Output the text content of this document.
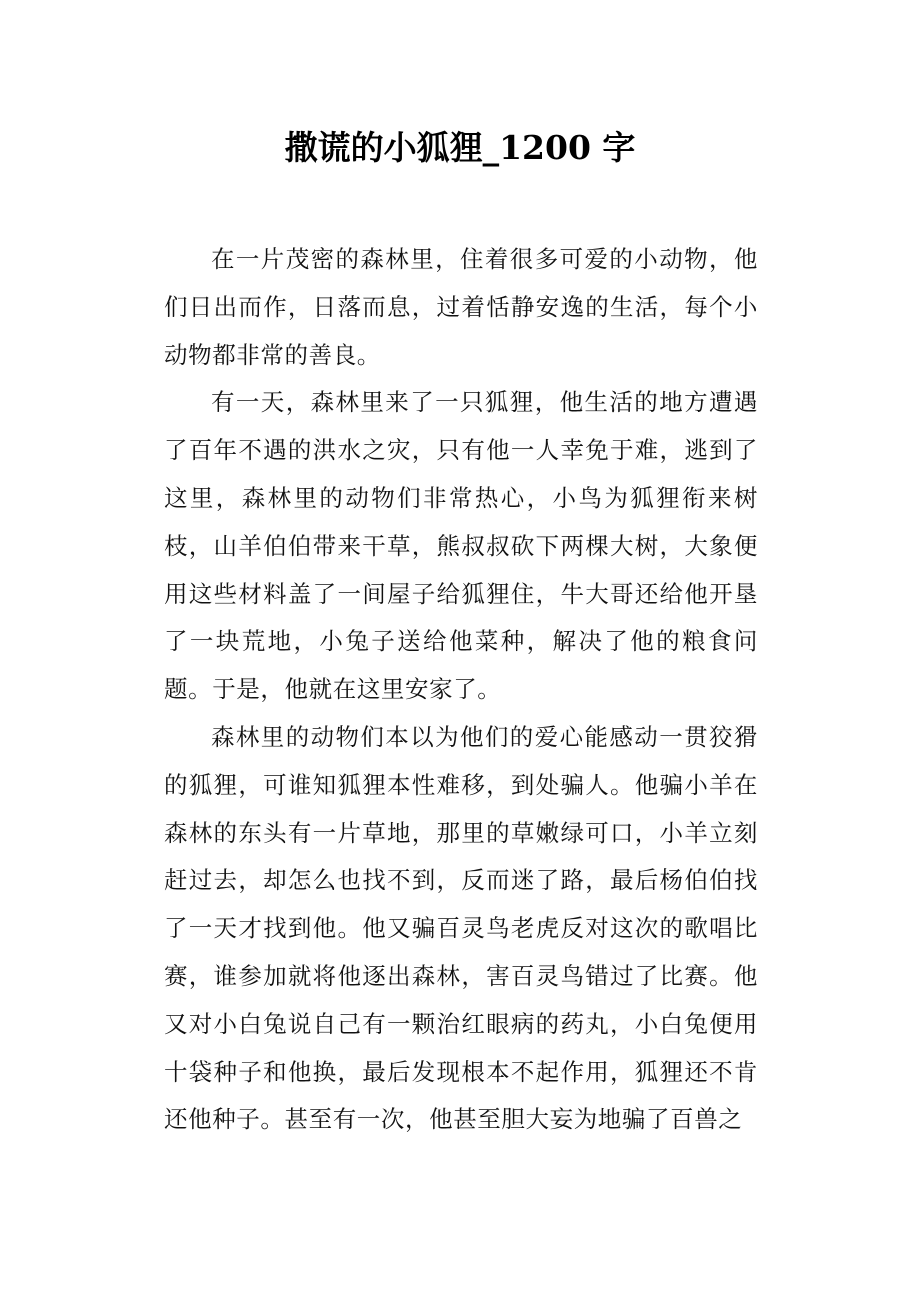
撒谎的小狐狸_1200 字

在一片茂密的森林里，住着很多可爱的小动物，他们日出而作，日落而息，过着恬静安逸的生活，每个小动物都非常的善良。

有一天，森林里来了一只狐狸，他生活的地方遭遇了百年不遇的洪水之灾，只有他一人幸免于难，逃到了这里，森林里的动物们非常热心，小鸟为狐狸衔来树枝，山羊伯伯带来干草，熊叔叔砍下两棵大树，大象便用这些材料盖了一间屋子给狐狸住，牛大哥还给他开垦了一块荒地，小兔子送给他菜种，解决了他的粮食问题。于是，他就在这里安家了。

森林里的动物们本以为他们的爱心能感动一贯狡猾的狐狸，可谁知狐狸本性难移，到处骗人。他骗小羊在森林的东头有一片草地，那里的草嫩绿可口，小羊立刻赶过去，却怎么也找不到，反而迷了路，最后杨伯伯找了一天才找到他。他又骗百灵鸟老虎反对这次的歌唱比赛，谁参加就将他逐出森林，害百灵鸟错过了比赛。他又对小白兔说自己有一颗治红眼病的药丸，小白兔便用十袋种子和他换，最后发现根本不起作用，狐狸还不肯还他种子。甚至有一次，他甚至胆大妄为地骗了百兽之
